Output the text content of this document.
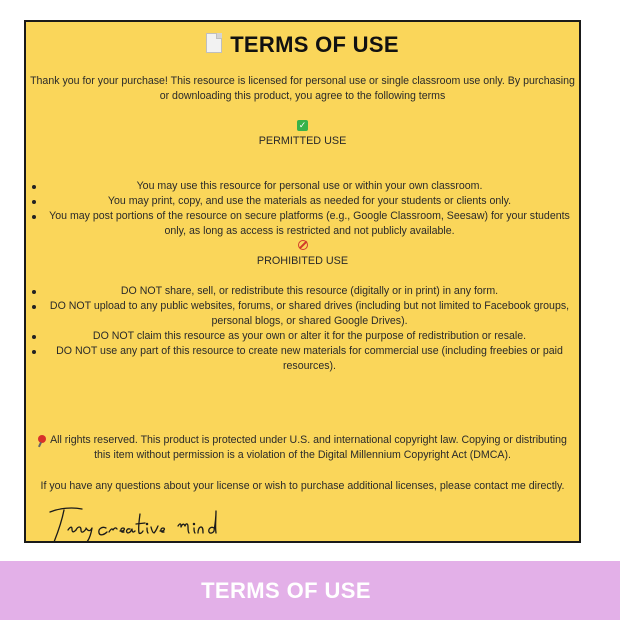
TERMS OF USE
Thank you for your purchase! This resource is licensed for personal use or single classroom use only. By purchasing or downloading this product, you agree to the following terms
✓
PERMITTED USE
You may use this resource for personal use or within your own classroom.
You may print, copy, and use the materials as needed for your students or clients only.
You may post portions of the resource on secure platforms (e.g., Google Classroom, Seesaw) for your students only, as long as access is restricted and not publicly available.
PROHIBITED USE
DO NOT share, sell, or redistribute this resource (digitally or in print) in any form.
DO NOT upload to any public websites, forums, or shared drives (including but not limited to Facebook groups, personal blogs, or shared Google Drives).
DO NOT claim this resource as your own or alter it for the purpose of redistribution or resale.
DO NOT use any part of this resource to create new materials for commercial use (including freebies or paid resources).
All rights reserved. This product is protected under U.S. and international copyright law. Copying or distributing this item without permission is a violation of the Digital Millennium Copyright Act (DMCA).
If you have any questions about your license or wish to purchase additional licenses, please contact me directly.
TERMS OF USE
